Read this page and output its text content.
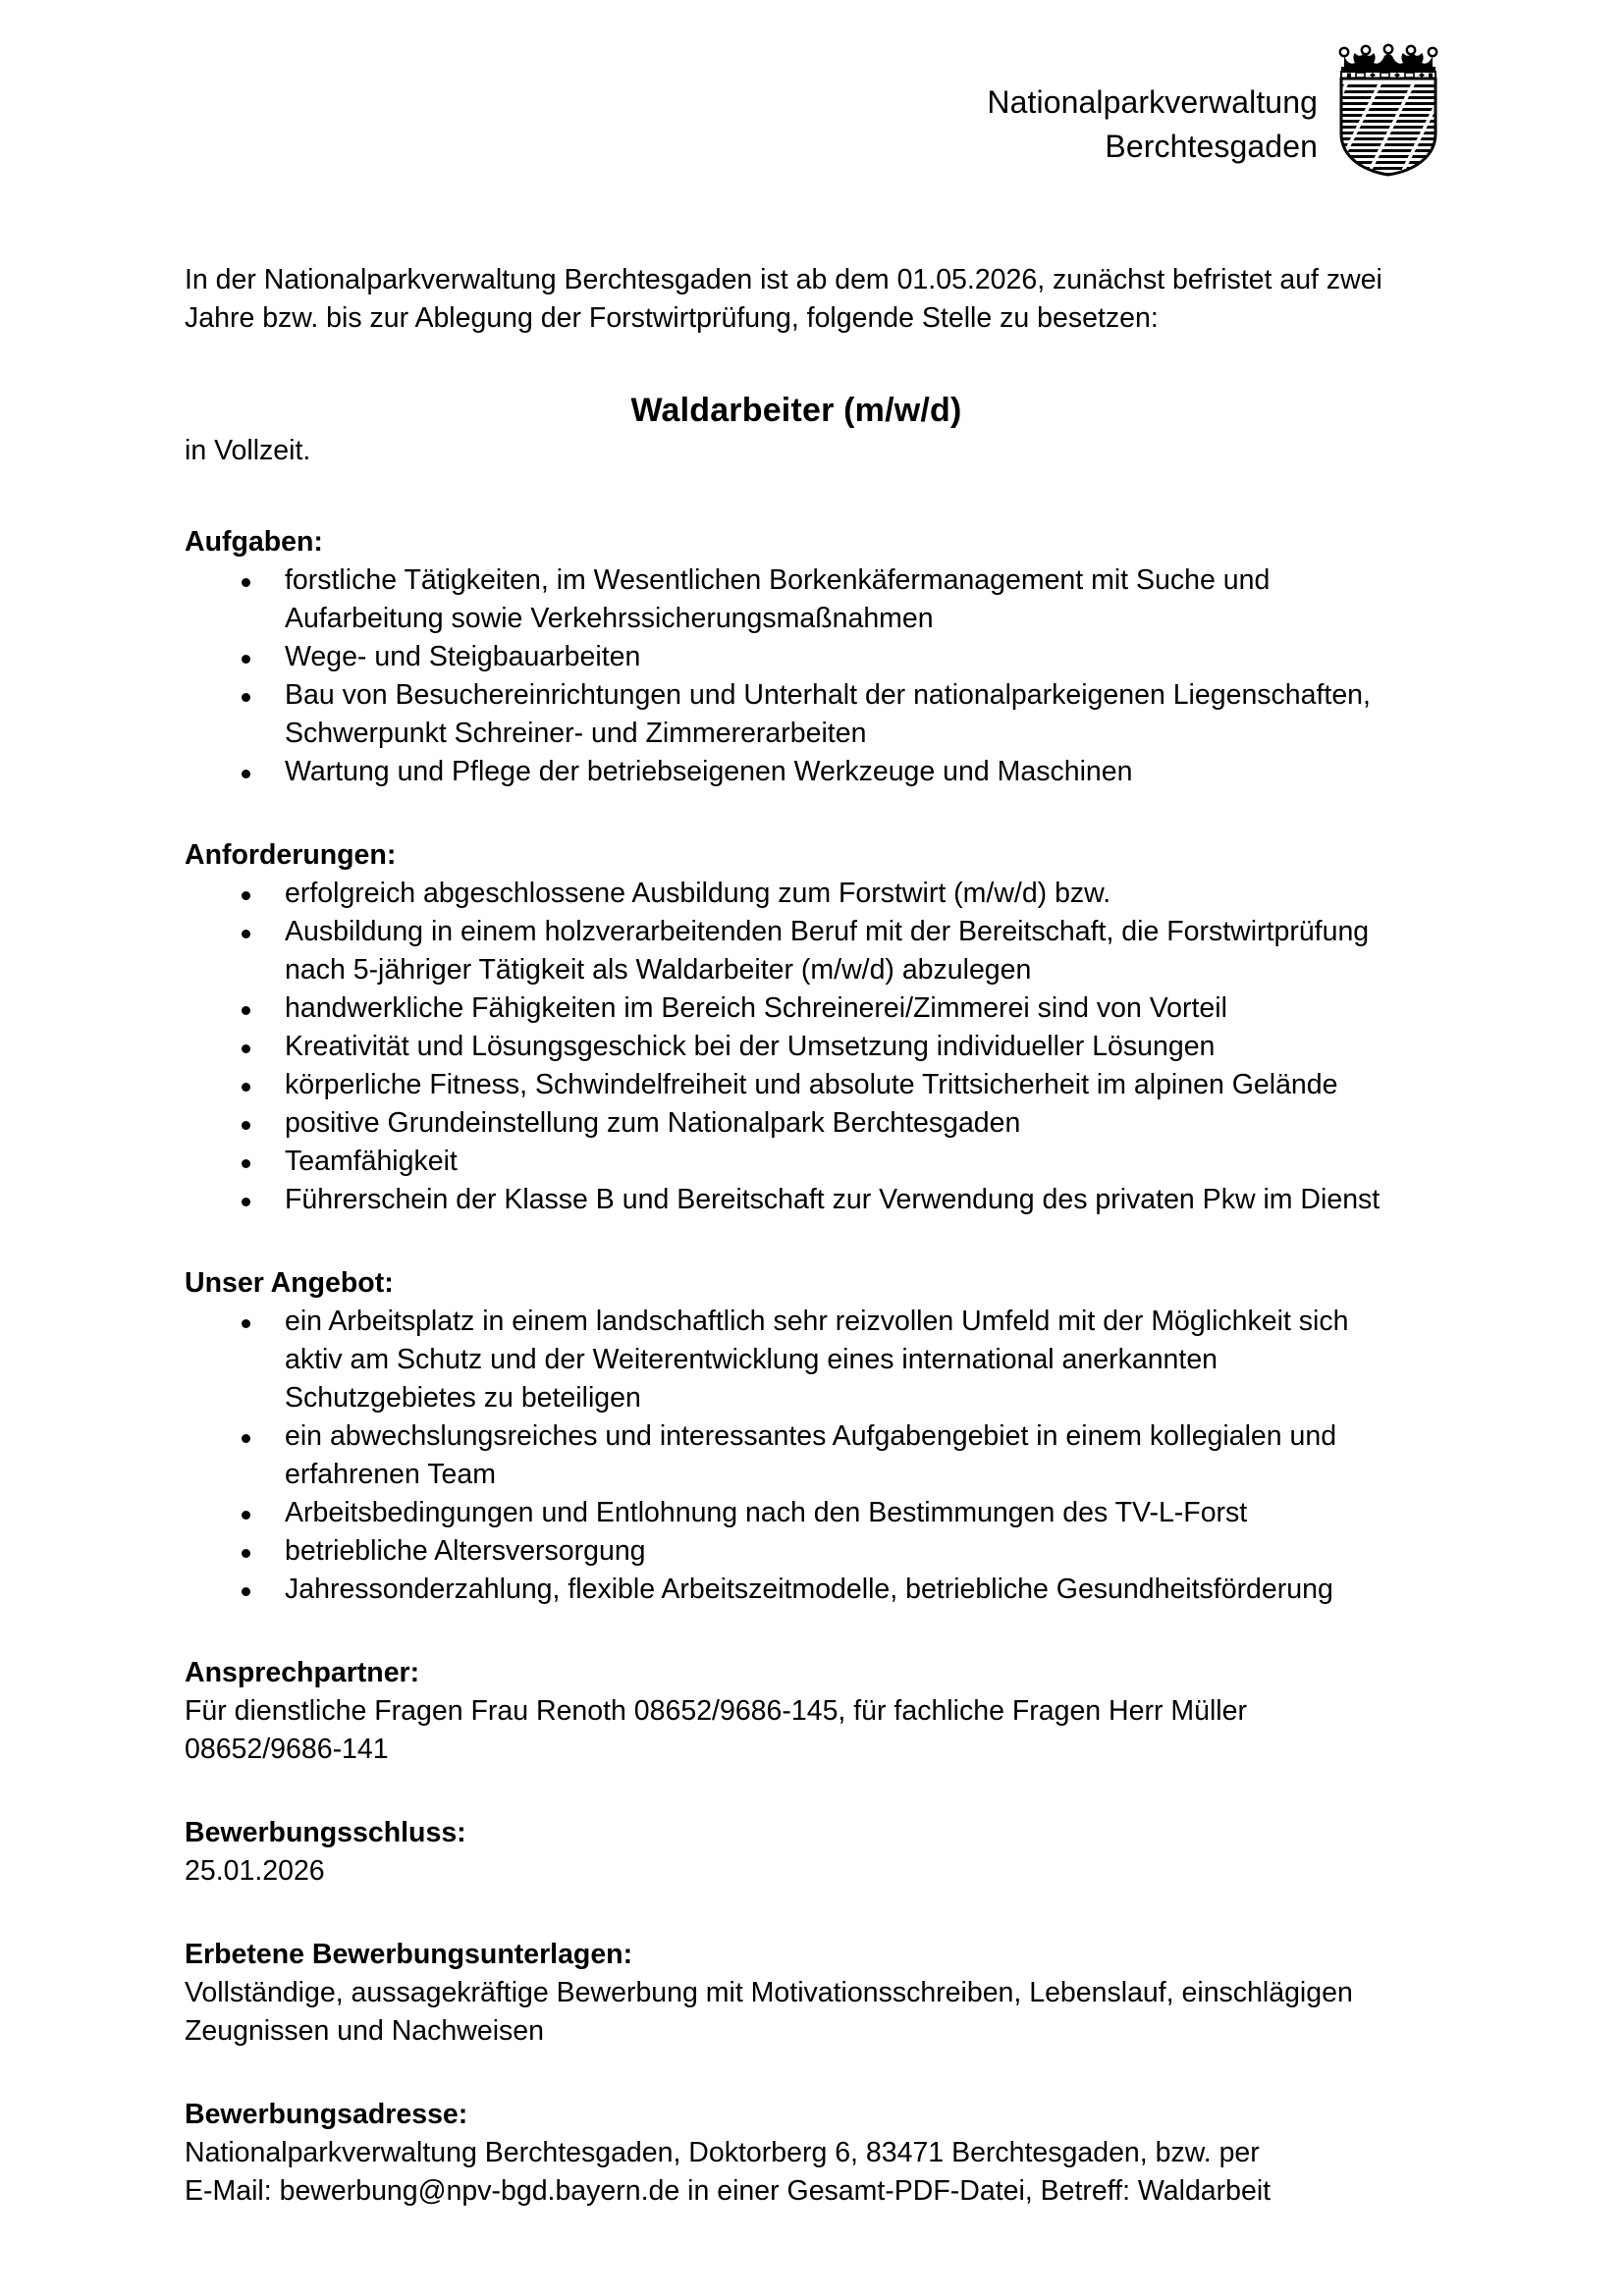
Nationalparkverwaltung
Berchtesgaden

In der Nationalparkverwaltung Berchtesgaden ist ab dem 01.05.2026, zunächst befristet auf zwei Jahre bzw. bis zur Ablegung der Forstwirtprüfung, folgende Stelle zu besetzen:

Waldarbeiter (m/w/d)

in Vollzeit.

Aufgaben:

forstliche Tätigkeiten, im Wesentlichen Borkenkäfermanagement mit Suche und Aufarbeitung sowie Verkehrssicherungsmaßnahmen
Wege- und Steigbauarbeiten
Bau von Besuchereinrichtungen und Unterhalt der nationalparkeigenen Liegenschaften, Schwerpunkt Schreiner- und Zimmererarbeiten
Wartung und Pflege der betriebseigenen Werkzeuge und Maschinen

Anforderungen:

erfolgreich abgeschlossene Ausbildung zum Forstwirt (m/w/d) bzw.
Ausbildung in einem holzverarbeitenden Beruf mit der Bereitschaft, die Forstwirtprüfung nach 5-jähriger Tätigkeit als Waldarbeiter (m/w/d) abzulegen
handwerkliche Fähigkeiten im Bereich Schreinerei/Zimmerei sind von Vorteil
Kreativität und Lösungsgeschick bei der Umsetzung individueller Lösungen
körperliche Fitness, Schwindelfreiheit und absolute Trittsicherheit im alpinen Gelände
positive Grundeinstellung zum Nationalpark Berchtesgaden
Teamfähigkeit
Führerschein der Klasse B und Bereitschaft zur Verwendung des privaten Pkw im Dienst

Unser Angebot:

ein Arbeitsplatz in einem landschaftlich sehr reizvollen Umfeld mit der Möglichkeit sich aktiv am Schutz und der Weiterentwicklung eines international anerkannten Schutzgebietes zu beteiligen
ein abwechslungsreiches und interessantes Aufgabengebiet in einem kollegialen und erfahrenen Team
Arbeitsbedingungen und Entlohnung nach den Bestimmungen des TV-L-Forst
betriebliche Altersversorgung
Jahressonderzahlung, flexible Arbeitszeitmodelle, betriebliche Gesundheitsförderung

Ansprechpartner:

Für dienstliche Fragen Frau Renoth 08652/9686-145, für fachliche Fragen Herr Müller 08652/9686-141

Bewerbungsschluss:

25.01.2026

Erbetene Bewerbungsunterlagen:

Vollständige, aussagekräftige Bewerbung mit Motivationsschreiben, Lebenslauf, einschlägigen Zeugnissen und Nachweisen

Bewerbungsadresse:

Nationalparkverwaltung Berchtesgaden, Doktorberg 6, 83471 Berchtesgaden, bzw. per

E-Mail: bewerbung@npv-bgd.bayern.de in einer Gesamt-PDF-Datei, Betreff: Waldarbeit
